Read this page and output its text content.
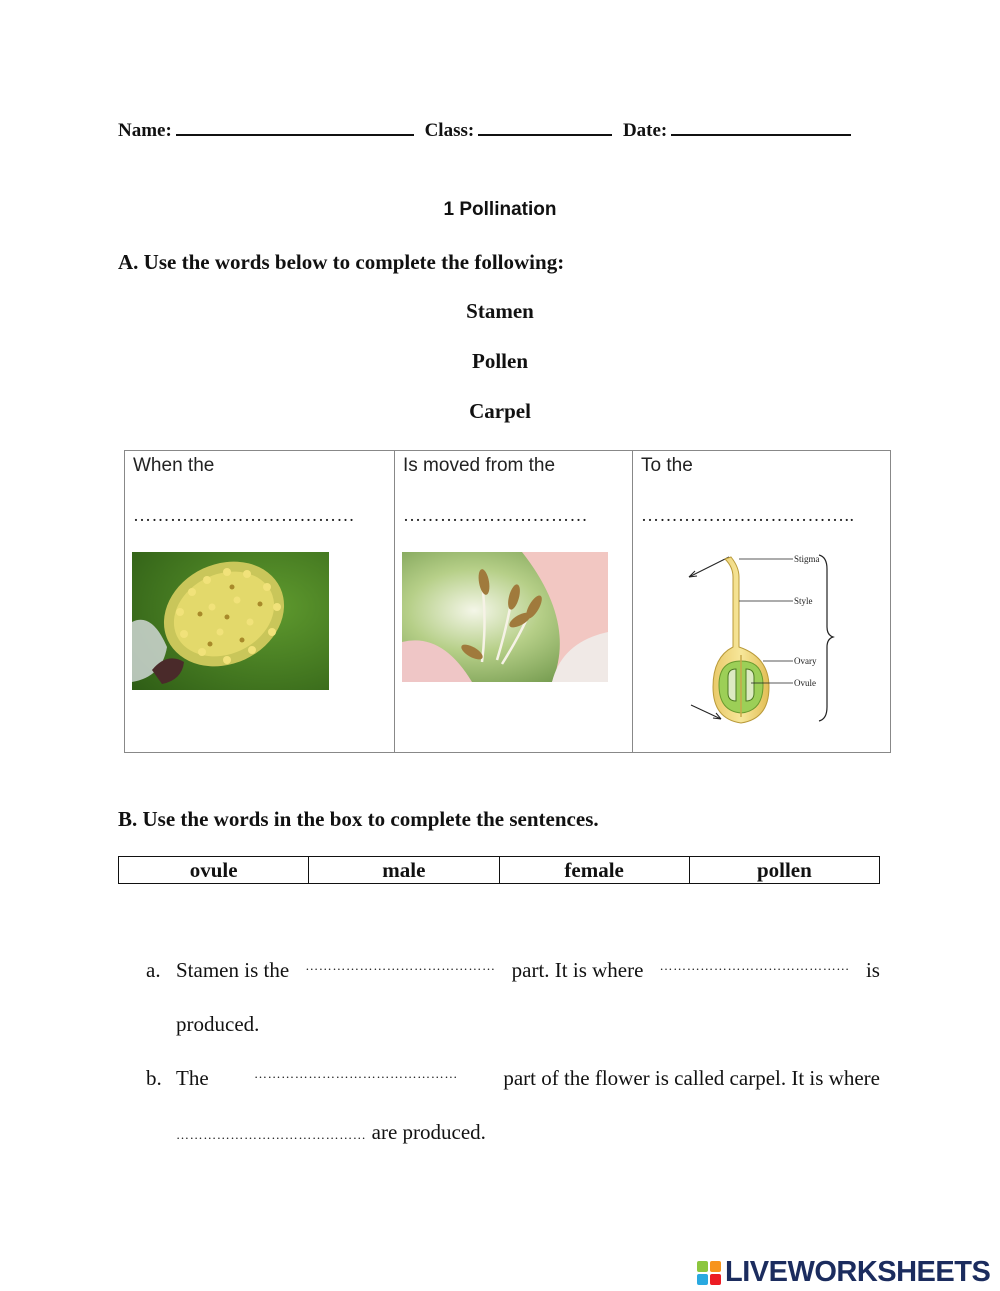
Name:	Class:	Date:
1 Pollination
A. Use the words below to complete the following:
Stamen
Pollen
Carpel
When the
………………………………
Is moved from the
…………………………
To the
……………………………..
Stigma
Style
Ovary
Ovule
B. Use the words in the box to complete the sentences.
ovule	male	female	pollen
a. Stamen is the …………………………………… part. It is where …………………………………… is
produced.
b. The	……………………………………… part of the flower is called carpel. It is where
…………………………………… are produced.
LIVEWORKSHEETS
